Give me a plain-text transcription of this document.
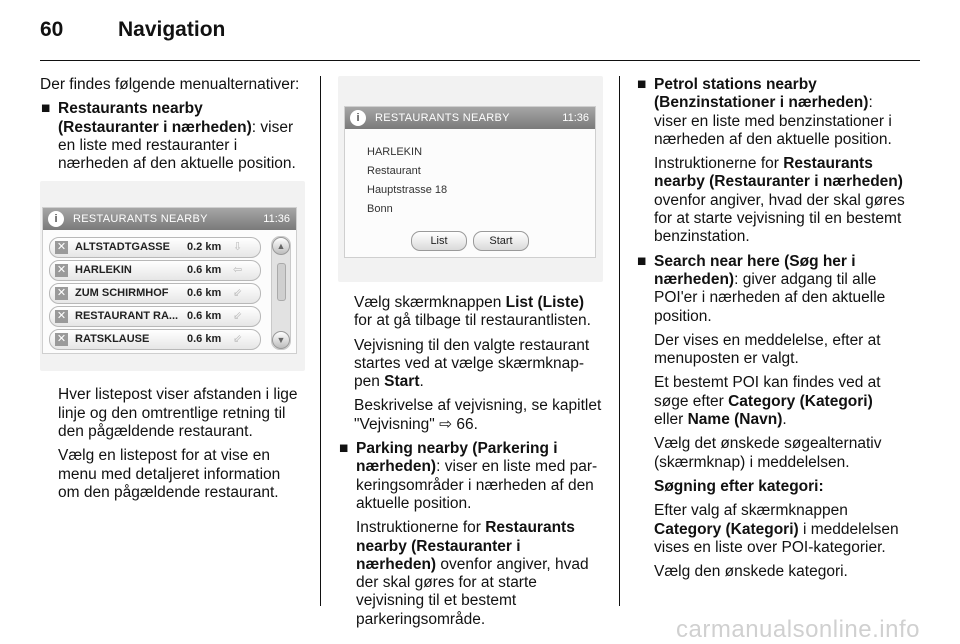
60	Navigation

Der findes følgende menualternativer:

■ Restaurants nearby (Restauranter i nærheden): viser en liste med restauranter i nærheden af den aktuelle position.
i	RESTAURANTS NEARBY	11:36
✕ ALTSTADTGASSE 0.2 km ⇩
✕ HARLEKIN	0.6 km ⇦
✕ ZUM SCHIRMHOF 0.6 km ⇙
✕ RESTAURANT RA... 0.6 km ⇙
✕ RATSKLAUSE	0.6 km ⇙
▲
▼

Hver listepost viser afstanden i lige linje og den omtrentlige retning til den pågældende restaurant.

Vælg en listepost for at vise en menu med detaljeret information om den pågældende restaurant.

i	RESTAURANTS NEARBY	11:36
HARLEKIN
Restaurant
Hauptstrasse 18
Bonn
List	Start

Vælg skærmknappen List (Liste) for at gå tilbage til restaurantlisten.

Vejvisning til den valgte restaurant startes ved at vælge skærmknappen Start.

Beskrivelse af vejvisning, se kapitlet "Vejvisning" ⇨ 66.

■ Parking nearby (Parkering i nærheden): viser en liste med parkeringsområder i nærheden af den aktuelle position.

Instruktionerne for Restaurants nearby (Restauranter i nærheden) ovenfor angiver, hvad der skal gøres for at starte vejvisning til et bestemt parkeringsområde.

■ Petrol stations nearby (Benzinstationer i nærheden): viser en liste med benzinstationer i nærheden af den aktuelle position.

Instruktionerne for Restaurants nearby (Restauranter i nærheden) ovenfor angiver, hvad der skal gøres for at starte vejvisning til en bestemt benzinstation.

■ Search near here (Søg her i nærheden): giver adgang til alle POI'er i nærheden af den aktuelle position.

Der vises en meddelelse, efter at menuposten er valgt.

Et bestemt POI kan findes ved at søge efter Category (Kategori) eller Name (Navn).

Vælg det ønskede søgealternativ (skærmknap) i meddelelsen.

Søgning efter kategori:

Efter valg af skærmknappen Category (Kategori) i meddelelsen vises en liste over POI-kategorier.

Vælg den ønskede kategori.

carmanualsonline.info
